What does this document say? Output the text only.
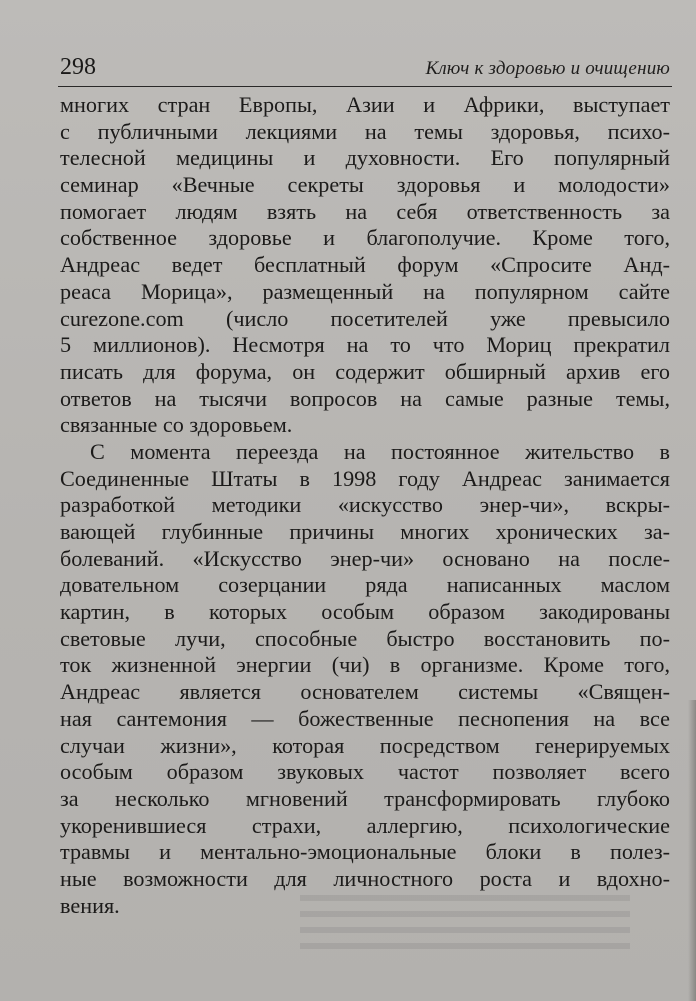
298	Ключ к здоровью и очищению
многих стран Европы, Азии и Африки, выступает
с публичными лекциями на темы здоровья, психо-
телесной медицины и духовности. Его популярный
семинар «Вечные секреты здоровья и молодости»
помогает людям взять на себя ответственность за
собственное здоровье и благополучие. Кроме того,
Андреас ведет бесплатный форум «Спросите Анд-
реаса Морица», размещенный на популярном сайте
curezone.com (число посетителей уже превысило
5 миллионов). Несмотря на то что Мориц прекратил
писать для форума, он содержит обширный архив его
ответов на тысячи вопросов на самые разные темы,
связанные со здоровьем.
С момента переезда на постоянное жительство в
Соединенные Штаты в 1998 году Андреас занимается
разработкой методики «искусство энер-чи», вскры-
вающей глубинные причины многих хронических за-
болеваний. «Искусство энер-чи» основано на после-
довательном созерцании ряда написанных маслом
картин, в которых особым образом закодированы
световые лучи, способные быстро восстановить по-
ток жизненной энергии (чи) в организме. Кроме того,
Андреас является основателем системы «Священ-
ная сантемония — божественные песнопения на все
случаи жизни», которая посредством генерируемых
особым образом звуковых частот позволяет всего
за несколько мгновений трансформировать глубоко
укоренившиеся страхи, аллергию, психологические
травмы и ментально-эмоциональные блоки в полез-
ные возможности для личностного роста и вдохно-
вения.
